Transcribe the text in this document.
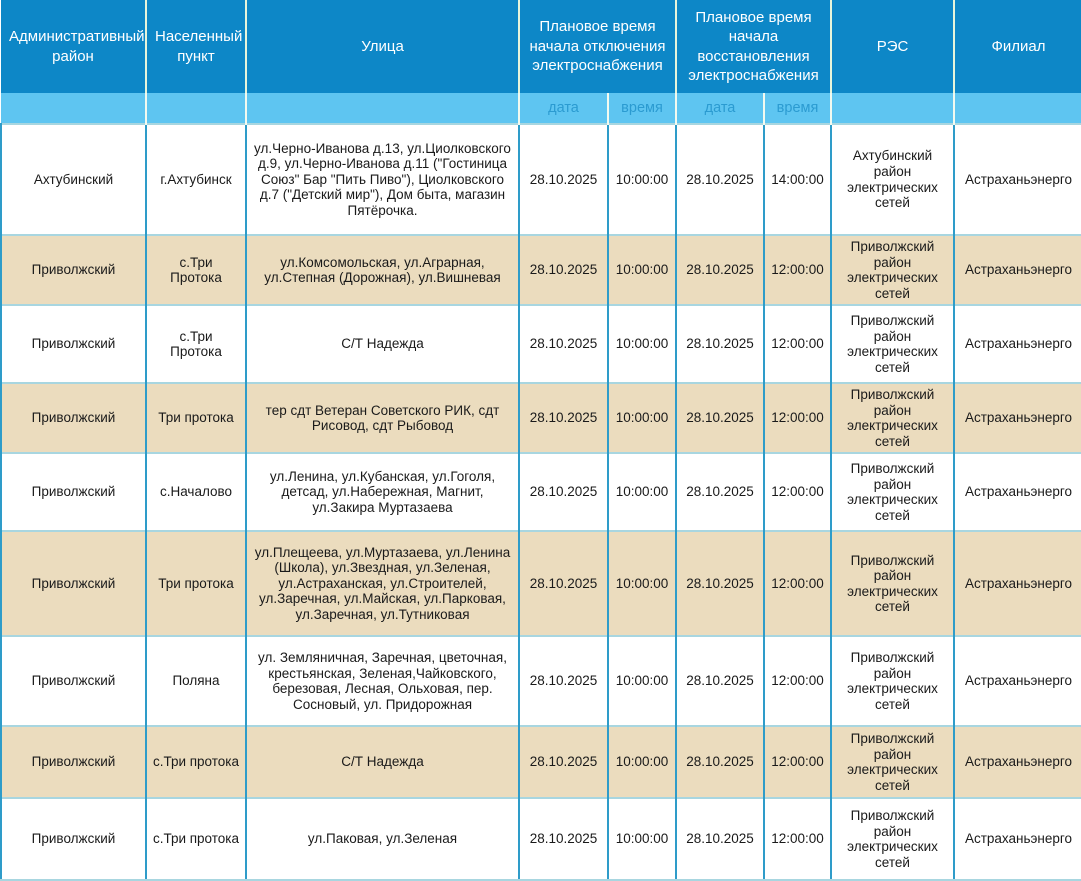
Административный район	Населенный пункт	Улица	Плановое время начала отключения электроснабжения		Плановое время начала восстановления электроснабжения		РЭС	Филиал
			дата	время	дата	время		
Ахтубинский	г.Ахтубинск	ул.Черно-Иванова д.13, ул.Циолковского д.9, ул.Черно-Иванова д.11 ("Гостиница Союз" Бар "Пить Пиво"), Циолковского д.7 ("Детский мир"), Дом быта, магазин Пятёрочка.	28.10.2025	10:00:00	28.10.2025	14:00:00	Ахтубинский район электрических сетей	Астраханьэнерго
Приволжский	с.Три Протока	ул.Комсомольская, ул.Аграрная, ул.Степная (Дорожная), ул.Вишневая	28.10.2025	10:00:00	28.10.2025	12:00:00	Приволжский район электрических сетей	Астраханьэнерго
Приволжский	с.Три Протока	С/Т Надежда	28.10.2025	10:00:00	28.10.2025	12:00:00	Приволжский район электрических сетей	Астраханьэнерго
Приволжский	Три протока	тер сдт Ветеран Советского РИК, сдт Рисовод, сдт Рыбовод	28.10.2025	10:00:00	28.10.2025	12:00:00	Приволжский район электрических сетей	Астраханьэнерго
Приволжский	с.Началово	ул.Ленина, ул.Кубанская, ул.Гоголя, детсад, ул.Набережная, Магнит, ул.Закира Муртазаева	28.10.2025	10:00:00	28.10.2025	12:00:00	Приволжский район электрических сетей	Астраханьэнерго
Приволжский	Три протока	ул.Плещеева, ул.Муртазаева, ул.Ленина (Школа), ул.Звездная, ул.Зеленая, ул.Астраханская, ул.Строителей, ул.Заречная, ул.Майская, ул.Парковая, ул.Заречная, ул.Тутниковая	28.10.2025	10:00:00	28.10.2025	12:00:00	Приволжский район электрических сетей	Астраханьэнерго
Приволжский	Поляна	ул. Земляничная, Заречная, цветочная, крестьянская, Зеленая,Чайковского, березовая, Лесная, Ольховая, пер. Сосновый, ул. Придорожная	28.10.2025	10:00:00	28.10.2025	12:00:00	Приволжский район электрических сетей	Астраханьэнерго
Приволжский	с.Три протока	С/Т Надежда	28.10.2025	10:00:00	28.10.2025	12:00:00	Приволжский район электрических сетей	Астраханьэнерго
Приволжский	с.Три протока	ул.Паковая, ул.Зеленая	28.10.2025	10:00:00	28.10.2025	12:00:00	Приволжский район электрических сетей	Астраханьэнерго
